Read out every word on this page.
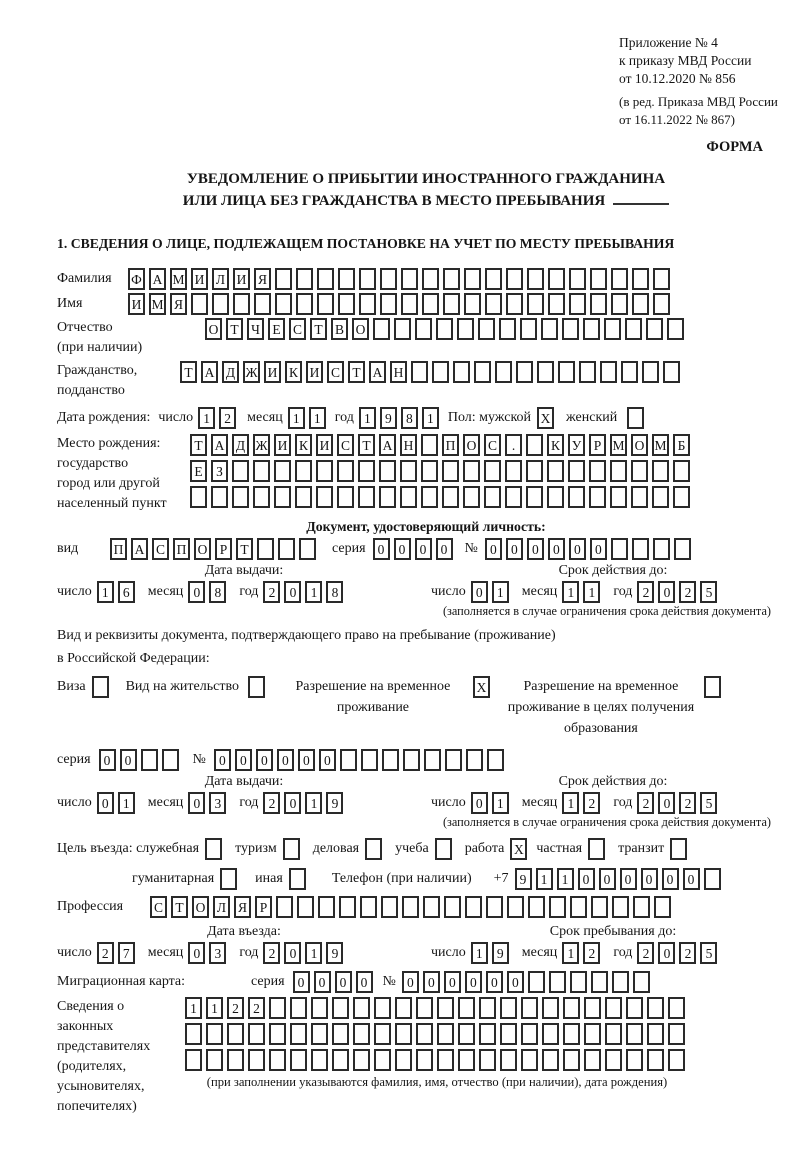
Приложение № 4
к приказу МВД России
от 10.12.2020 № 856
(в ред. Приказа МВД России
от 16.11.2022 № 867)
ФОРМА
УВЕДОМЛЕНИЕ О ПРИБЫТИИ ИНОСТРАННОГО ГРАЖДАНИНА
ИЛИ ЛИЦА БЕЗ ГРАЖДАНСТВА В МЕСТО ПРЕБЫВАНИЯ
1. СВЕДЕНИЯ О ЛИЦЕ, ПОДЛЕЖАЩЕМ ПОСТАНОВКЕ НА УЧЕТ ПО МЕСТУ ПРЕБЫВАНИЯ
Фамилия	Ф А М И Л И Я
Имя	И М Я
Отчество
(при наличии)
О Т Ч Е С Т В О
Гражданство,
подданство
Т А Д Ж И К И С Т А Н
Дата рождения: число 1	2	месяц 1	1	год 1	9	8	1	Пол: мужской X женский
Место рождения:
государство
город или другой
населенный пункт
Т А Д Ж И К И С Т А Н П О С	.	К У Р М О М Б
Е З
Документ, удостоверяющий личность:
вид	П А С П О Р Т	серия 0	0	0	0	№ 0	0	0	0	0	0
Дата выдачи:
число 1	6	месяц 0	8	год 2	0	1	8
Срок действия до:
число 0	1	месяц 1	1	год 2	0	2	5
(заполняется в случае ограничения срока действия документа)
Вид и реквизиты документа, подтверждающего право на пребывание (проживание)
в Российской Федерации:
Виза	Вид на жительство	Разрешение на временное проживание
X	Разрешение на временное проживание в целях получения образования
серия 0	0	№ 0	0	0	0	0	0
Дата выдачи:
число 0	1	месяц 0	3	год 2	0	1	9
Срок действия до:
число 0	1	месяц 1	2	год 2	0	2	5
(заполняется в случае ограничения срока действия документа)
Цель въезда: служебная	туризм	деловая	учеба	работа X частная	транзит
гуманитарная	иная	Телефон (при наличии) +7 9	1	1	0	0	0	0	0	0
Профессия	С Т О Л Я Р
Дата въезда:
число 2	7	месяц 0	3	год 2	0	1	9
Срок пребывания до:
число 1	9	месяц 1	2	год 2	0	2	5
Миграционная карта:	серия 0	0	0	0	№ 0	0	0	0	0	0
Сведения о
законных
представителях
(родителях,
усыновителях,
попечителях)
1	1	2	2
(при заполнении указываются фамилия, имя, отчество (при наличии), дата рождения)
